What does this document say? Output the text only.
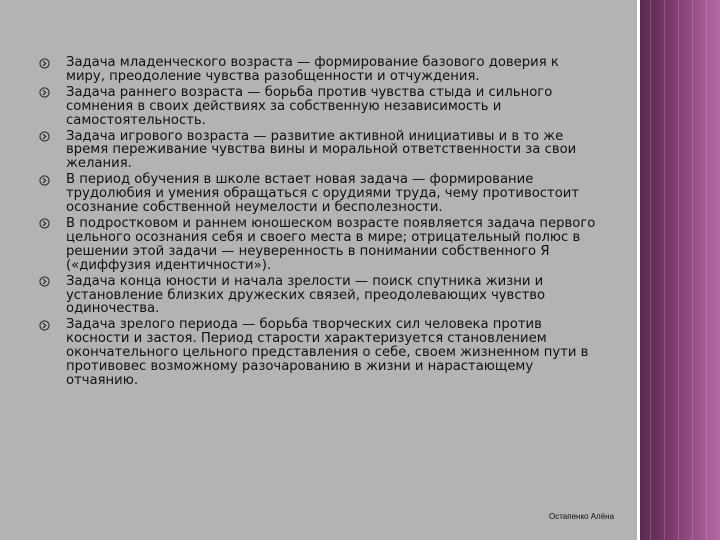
Задача младенческого возраста — формирование базового доверия к миру, преодоление чувства разобщенности и отчуждения.
Задача раннего возраста — борьба против чувства стыда и сильного сомнения в своих действиях за собственную независимость и самостоятельность.
Задача игрового возраста — развитие активной инициативы и в то же время переживание чувства вины и моральной ответственности за свои желания.
В период обучения в школе встает новая задача — формирование трудолюбия и умения обращаться с орудиями труда, чему противостоит осознание собственной неумелости и бесполезности.
В подростковом и раннем юношеском возрасте появляется задача первого цельного осознания себя и своего места в мире; отрицательный полюс в решении этой задачи — неуверенность в понимании собственного Я («диффузия идентичности»).
Задача конца юности и начала зрелости — поиск спутника жизни и установление близких дружеских связей, преодолевающих чувство одиночества.
Задача зрелого периода — борьба творческих сил человека против косности и застоя. Период старости характеризуется становлением окончательного цельного представления о себе, своем жизненном пути в противовес возможному разочарованию в жизни и нарастающему отчаянию.
Остапенко Алёна
